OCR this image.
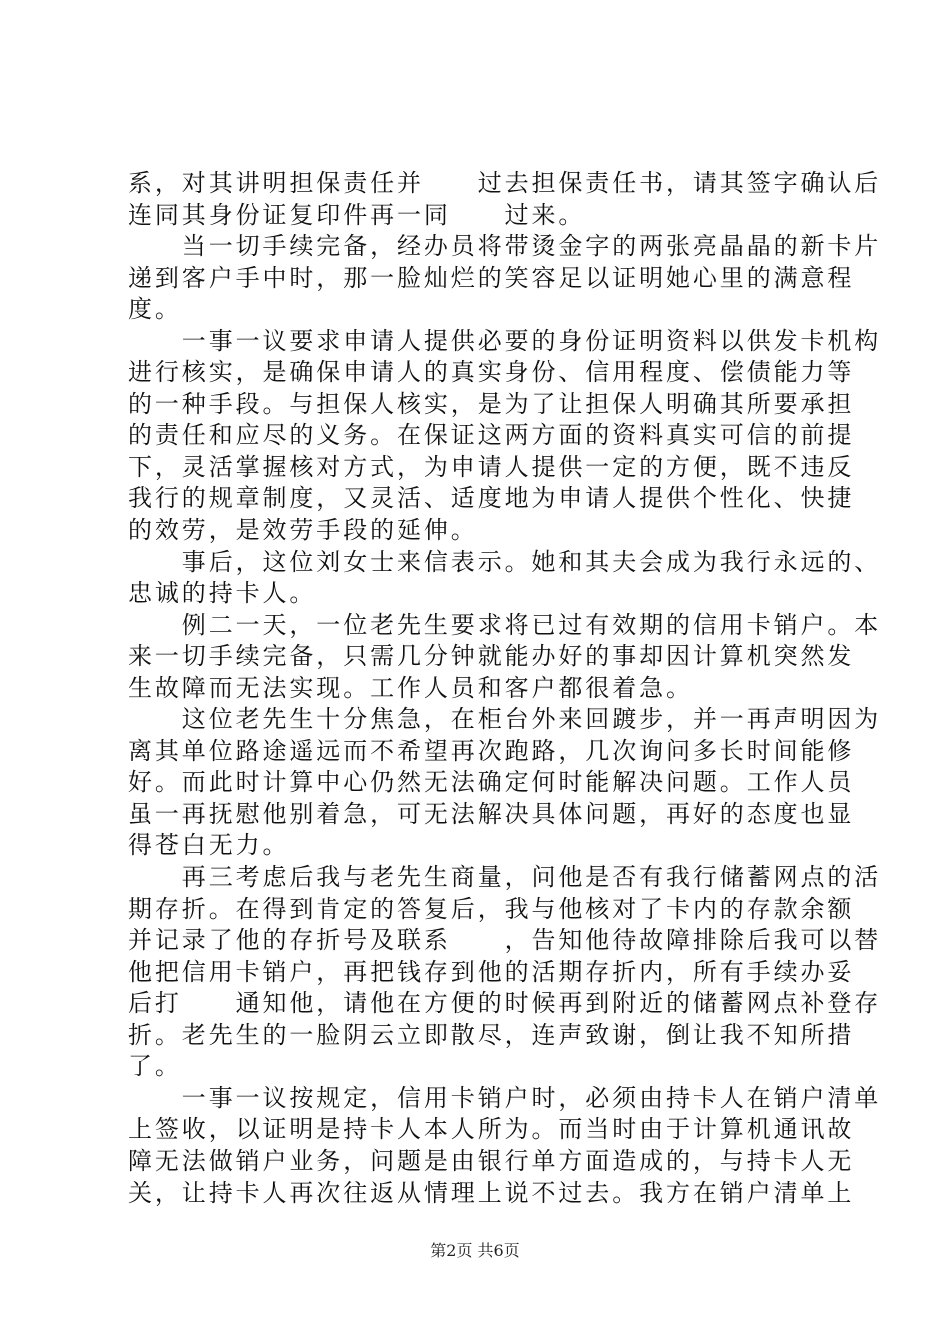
系，对其讲明担保责任并　　过去担保责任书，请其签字确认后
连同其身份证复印件再一同　　过来。
　　当一切手续完备，经办员将带烫金字的两张亮晶晶的新卡片
递到客户手中时，那一脸灿烂的笑容足以证明她心里的满意程
度。
　　一事一议要求申请人提供必要的身份证明资料以供发卡机构
进行核实，是确保申请人的真实身份、信用程度、偿债能力等
的一种手段。与担保人核实，是为了让担保人明确其所要承担
的责任和应尽的义务。在保证这两方面的资料真实可信的前提
下，灵活掌握核对方式，为申请人提供一定的方便，既不违反
我行的规章制度，又灵活、适度地为申请人提供个性化、快捷
的效劳，是效劳手段的延伸。
　　事后，这位刘女士来信表示。她和其夫会成为我行永远的、
忠诚的持卡人。
　　例二一天，一位老先生要求将已过有效期的信用卡销户。本
来一切手续完备，只需几分钟就能办好的事却因计算机突然发
生故障而无法实现。工作人员和客户都很着急。
　　这位老先生十分焦急，在柜台外来回踱步，并一再声明因为
离其单位路途遥远而不希望再次跑路，几次询问多长时间能修
好。而此时计算中心仍然无法确定何时能解决问题。工作人员
虽一再抚慰他别着急，可无法解决具体问题，再好的态度也显
得苍白无力。
　　再三考虑后我与老先生商量，问他是否有我行储蓄网点的活
期存折。在得到肯定的答复后，我与他核对了卡内的存款余额
并记录了他的存折号及联系　　，告知他待故障排除后我可以替
他把信用卡销户，再把钱存到他的活期存折内，所有手续办妥
后打　　通知他，请他在方便的时候再到附近的储蓄网点补登存
折。老先生的一脸阴云立即散尽，连声致谢，倒让我不知所措
了。
　　一事一议按规定，信用卡销户时，必须由持卡人在销户清单
上签收，以证明是持卡人本人所为。而当时由于计算机通讯故
障无法做销户业务，问题是由银行单方面造成的，与持卡人无
关，让持卡人再次往返从情理上说不过去。我方在销户清单上
第2页 共6页
